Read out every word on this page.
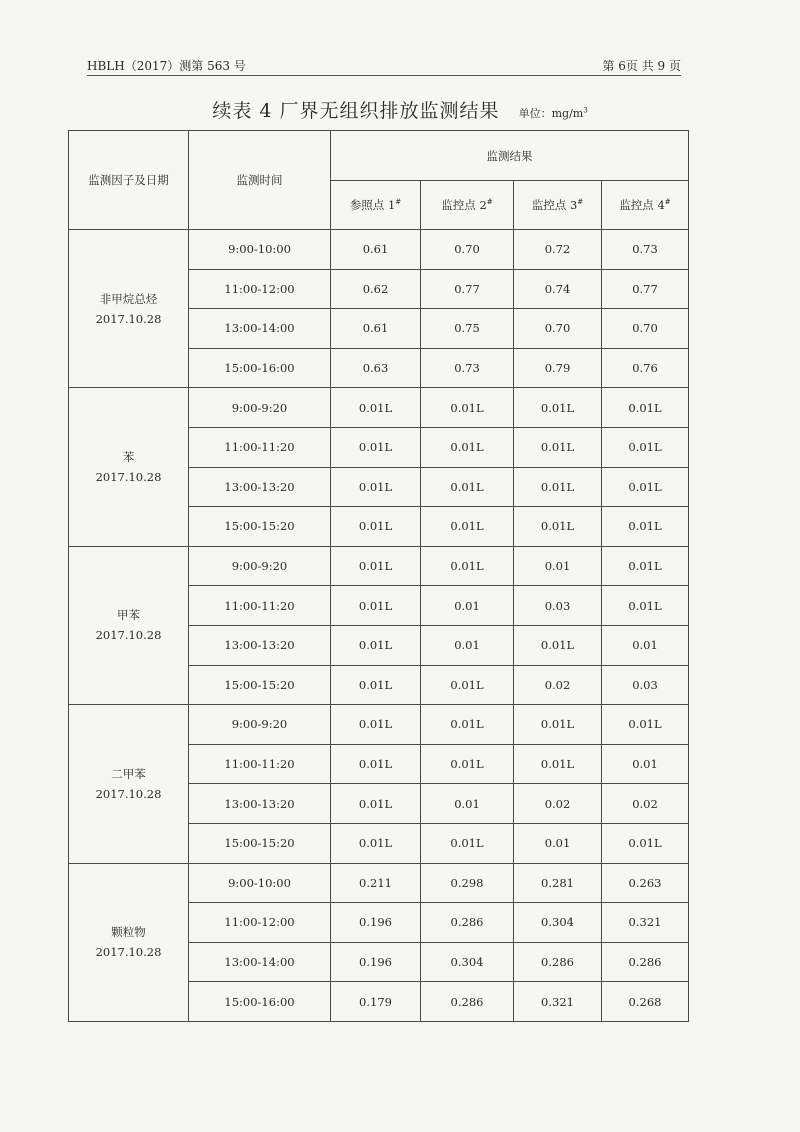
HBLH（2017）测第 563 号	第 6页 共 9 页
续表 4 厂界无组织排放监测结果 单位：$mg/m^3$
监测因子及日期	监测时间	监测结果			
		参照点 1#	监控点 2#	监控点 3#	监控点 4#

非甲烷总烃
2017.10.28	9:00-10:00	0.61	0.70	0.72	0.73
	11:00-12:00	0.62	0.77	0.74	0.77
	13:00-14:00	0.61	0.75	0.70	0.70
	15:00-16:00	0.63	0.73	0.79	0.76

苯
2017.10.28	9:00-9:20	0.01L	0.01L	0.01L	0.01L
	11:00-11:20	0.01L	0.01L	0.01L	0.01L
	13:00-13:20	0.01L	0.01L	0.01L	0.01L
	15:00-15:20	0.01L	0.01L	0.01L	0.01L

甲苯
2017.10.28	9:00-9:20	0.01L	0.01L	0.01	0.01L
	11:00-11:20	0.01L	0.01	0.03	0.01L
	13:00-13:20	0.01L	0.01	0.01L	0.01
	15:00-15:20	0.01L	0.01L	0.02	0.03

二甲苯
2017.10.28	9:00-9:20	0.01L	0.01L	0.01L	0.01L
	11:00-11:20	0.01L	0.01L	0.01L	0.01
	13:00-13:20	0.01L	0.01	0.02	0.02
	15:00-15:20	0.01L	0.01L	0.01	0.01L

颗粒物
2017.10.28	9:00-10:00	0.211	0.298	0.281	0.263
	11:00-12:00	0.196	0.286	0.304	0.321
	13:00-14:00	0.196	0.304	0.286	0.286
	15:00-16:00	0.179	0.286	0.321	0.268
